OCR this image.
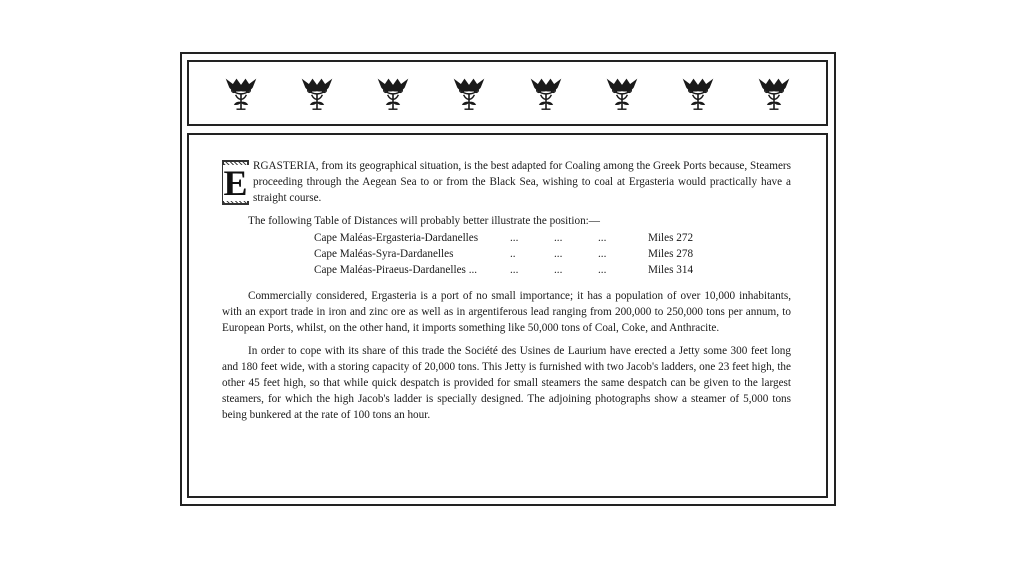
E RGASTERIA, from its geographical situation, is the best adapted for Coaling among the Greek Ports because, Steamers proceeding through the Aegean Sea to or from the Black Sea, wishing to coal at Ergasteria would practically have a straight course.

The following Table of Distances will probably better illustrate the position:—

Cape Maléas-Ergasteria-Dardanelles	...	...	...	Miles 272
Cape Maléas-Syra-Dardanelles	..	...	...	Miles 278
Cape Maléas-Piraeus-Dardanelles ...	...	...	...	Miles 314

Commercially considered, Ergasteria is a port of no small importance; it has a population of over 10,000 inhabitants, with an export trade in iron and zinc ore as well as in argentiferous lead ranging from 200,000 to 250,000 tons per annum, to European Ports, whilst, on the other hand, it imports something like 50,000 tons of Coal, Coke, and Anthracite.

In order to cope with its share of this trade the Société des Usines de Laurium have erected a Jetty some 300 feet long and 180 feet wide, with a storing capacity of 20,000 tons. This Jetty is furnished with two Jacob's ladders, one 23 feet high, the other 45 feet high, so that while quick despatch is provided for small steamers the same despatch can be given to the largest steamers, for which the high Jacob's ladder is specially designed. The adjoining photographs show a steamer of 5,000 tons being bunkered at the rate of 100 tons an hour.
